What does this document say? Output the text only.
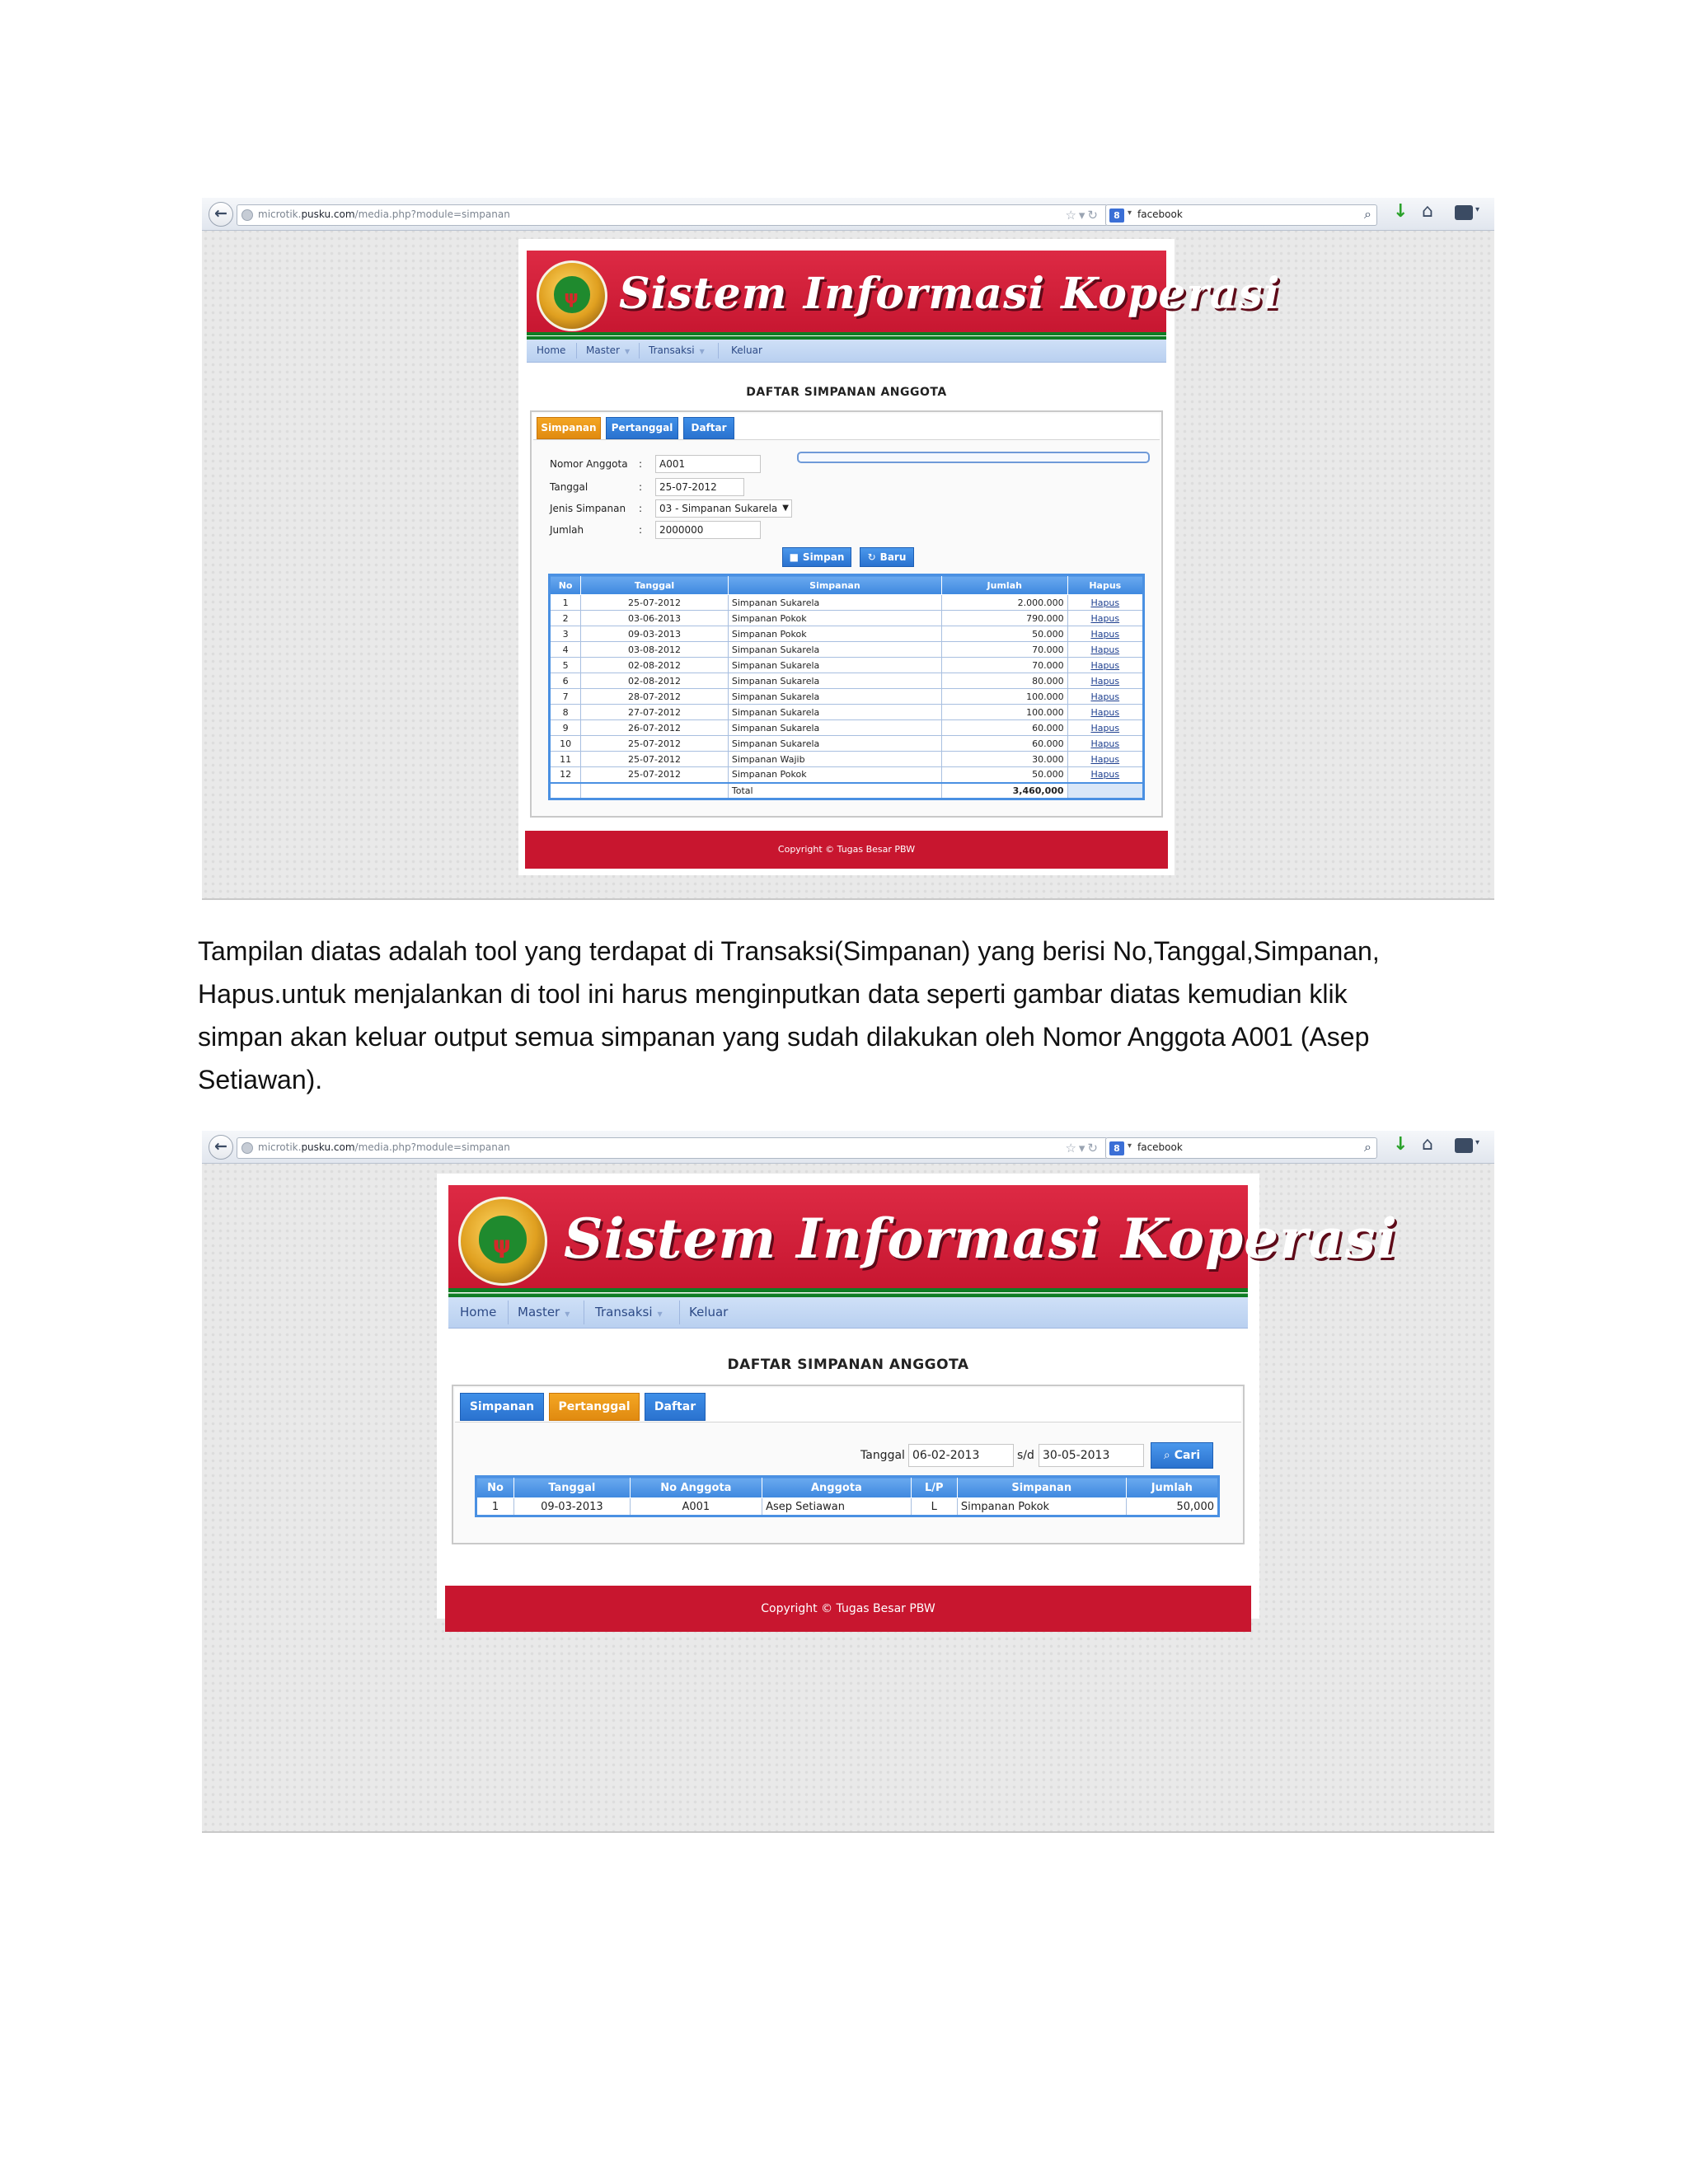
←	microtik.pusku.com/media.php?module=simpanan	☆▾↻	8 ▾ facebook	⌕ ↓ ⌂	▾
ψ Sistem Informasi Koperasi
Home Master ▼ Transaksi ▼	Keluar
DAFTAR SIMPANAN ANGGOTA
Simpanan	Pertanggal	Daftar
Nomor Anggota :	A001
Tanggal	:	25-07-2012
Jenis Simpanan :	03 - Simpanan Sukarela ▼
Jumlah	:	2000000
■ Simpan	↻ Baru
No	Tanggal	Simpanan	Jumlah	Hapus
1	25-07-2012	Simpanan Sukarela	2.000.000	Hapus
2	03-06-2013	Simpanan Pokok	790.000	Hapus
3	09-03-2013	Simpanan Pokok	50.000	Hapus
4	03-08-2012	Simpanan Sukarela	70.000	Hapus
5	02-08-2012	Simpanan Sukarela	70.000	Hapus
6	02-08-2012	Simpanan Sukarela	80.000	Hapus
7	28-07-2012	Simpanan Sukarela	100.000	Hapus
8	27-07-2012	Simpanan Sukarela	100.000	Hapus
9	26-07-2012	Simpanan Sukarela	60.000	Hapus
10	25-07-2012	Simpanan Sukarela	60.000	Hapus
11	25-07-2012	Simpanan Wajib	30.000	Hapus
12	25-07-2012	Simpanan Pokok	50.000	Hapus
		Total	3,460,000	
Copyright © Tugas Besar PBW

Tampilan diatas adalah tool yang terdapat di Transaksi(Simpanan) yang berisi No,Tanggal,Simpanan,

Hapus.untuk menjalankan di tool ini harus menginputkan data seperti gambar diatas kemudian klik

simpan akan keluar output semua simpanan yang sudah dilakukan oleh Nomor Anggota A001 (Asep

Setiawan).

←	microtik.pusku.com/media.php?module=simpanan	☆▾↻	8 ▾ facebook	⌕ ↓ ⌂	▾
ψ Sistem Informasi Koperasi
Home Master ▼ Transaksi ▼ Keluar
DAFTAR SIMPANAN ANGGOTA
Simpanan	Pertanggal	Daftar
Tanggal 06-02-2013	s/d 30-05-2013	⌕ Cari
No	Tanggal	No Anggota	Anggota	L/P	Simpanan	Jumlah
1	09-03-2013	A001	Asep Setiawan	L	Simpanan Pokok	50,000
Copyright © Tugas Besar PBW
